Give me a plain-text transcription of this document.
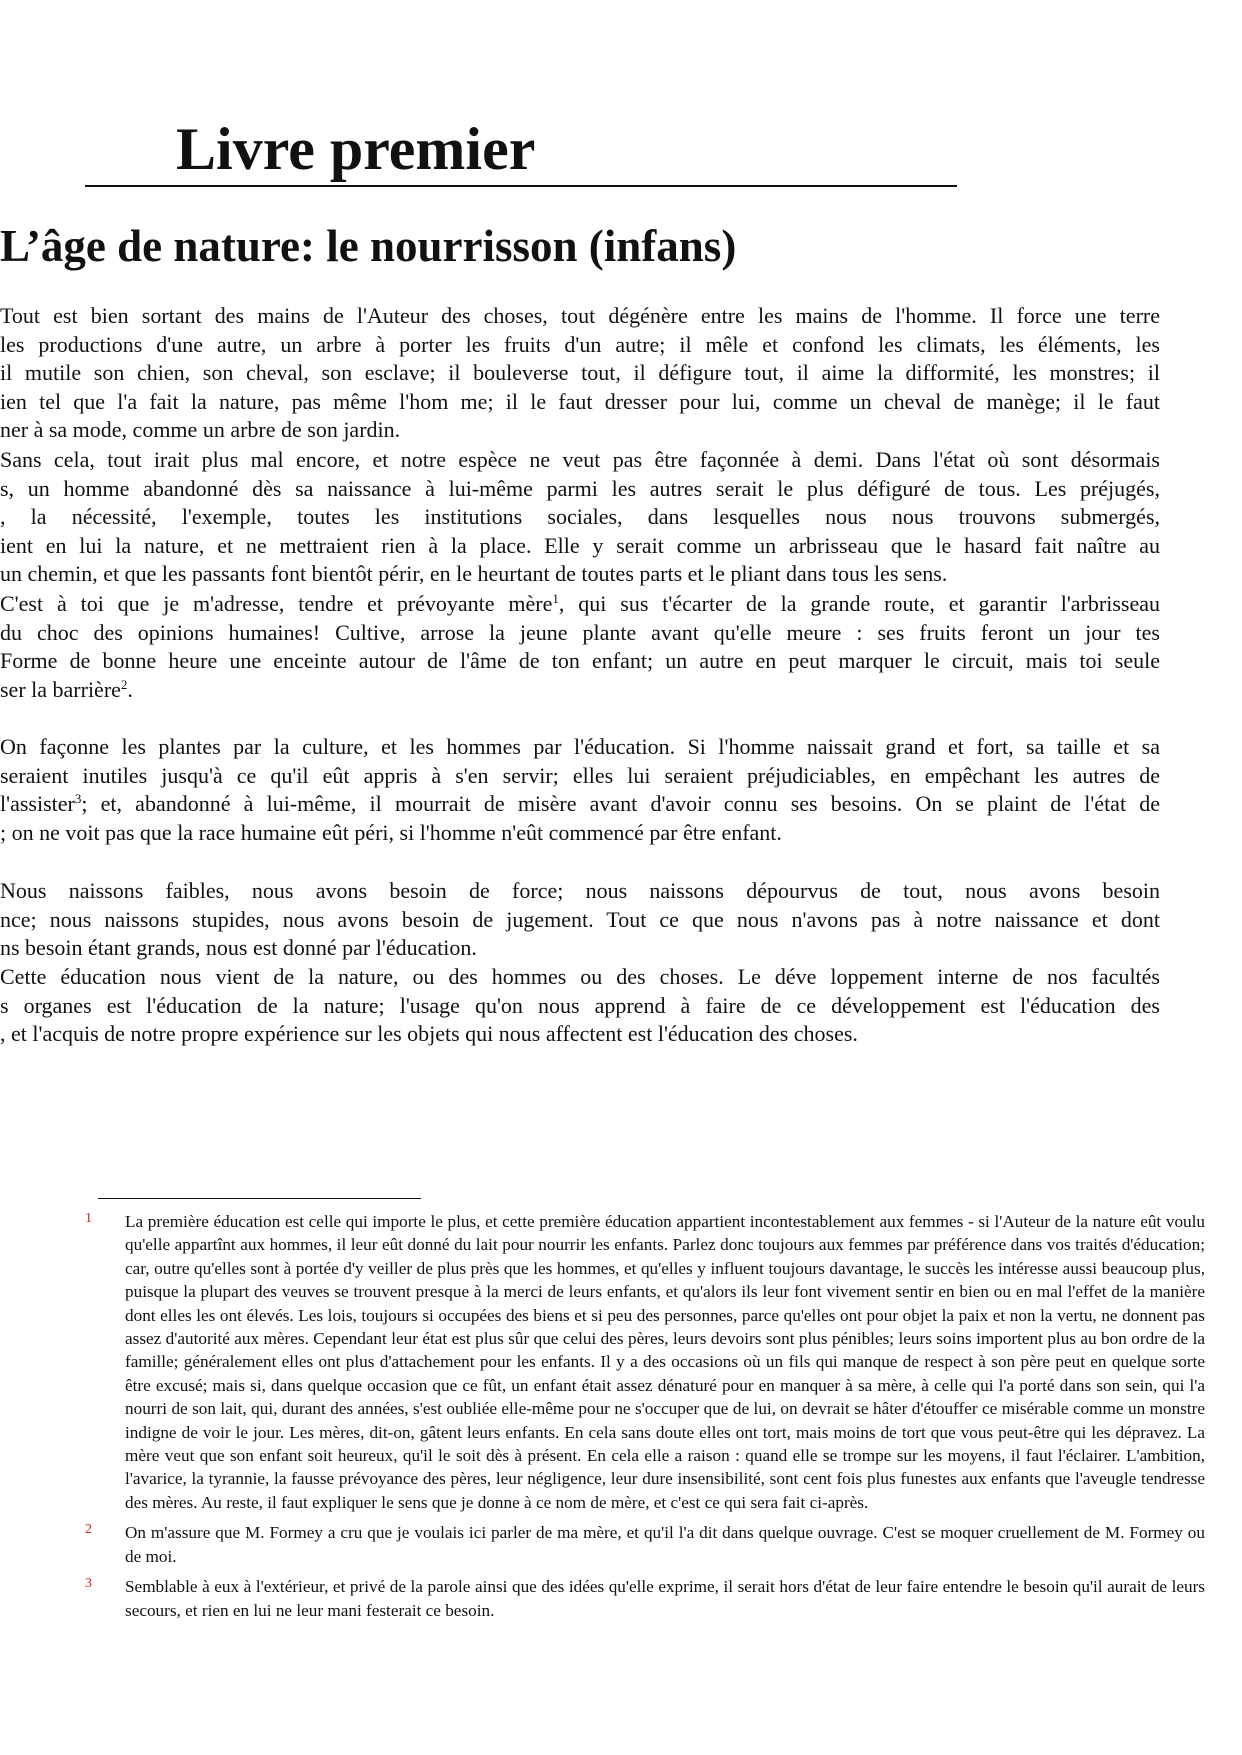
Livre premier
L’âge de nature: le nourrisson (infans)
Tout est bien sortant des mains de l'Auteur des choses, tout dégénère entre les mains de l'homme. Il force une terre
les productions d'une autre, un arbre à porter les fruits d'un autre; il mêle et confond les climats, les éléments, les
il mutile son chien, son cheval, son esclave; il bouleverse tout, il défigure tout, il aime la difformité, les monstres; il
ien tel que l'a fait la nature, pas même l'hom me; il le faut dresser pour lui, comme un cheval de manège; il le faut
ner à sa mode, comme un arbre de son jardin.
Sans cela, tout irait plus mal encore, et notre espèce ne veut pas être façonnée à demi. Dans l'état où sont désormais
s, un homme abandonné dès sa naissance à lui-même parmi les autres serait le plus défiguré de tous. Les préjugés,
, la nécessité, l'exemple, toutes les institutions sociales, dans lesquelles nous nous trouvons submergés,
ient en lui la nature, et ne mettraient rien à la place. Elle y serait comme un arbrisseau que le hasard fait naître au
un chemin, et que les passants font bientôt périr, en le heurtant de toutes parts et le pliant dans tous les sens.
C'est à toi que je m'adresse, tendre et prévoyante mère$^1$, qui sus t'écarter de la grande route, et garantir l'arbrisseau
du choc des opinions humaines! Cultive, arrose la jeune plante avant qu'elle meure : ses fruits feront un jour tes
Forme de bonne heure une enceinte autour de l'âme de ton enfant; un autre en peut marquer le circuit, mais toi seule
ser la barrière$^2$.
On façonne les plantes par la culture, et les hommes par l'éducation. Si l'homme naissait grand et fort, sa taille et sa
seraient inutiles jusqu'à ce qu'il eût appris à s'en servir; elles lui seraient préjudiciables, en empêchant les autres de
l'assister$^3$; et, abandonné à lui-même, il mourrait de misère avant d'avoir connu ses besoins. On se plaint de l'état de
; on ne voit pas que la race humaine eût péri, si l'homme n'eût commencé par être enfant.
Nous naissons faibles, nous avons besoin de force; nous naissons dépourvus de tout, nous avons besoin
nce; nous naissons stupides, nous avons besoin de jugement. Tout ce que nous n'avons pas à notre naissance et dont
ns besoin étant grands, nous est donné par l'éducation.
Cette éducation nous vient de la nature, ou des hommes ou des choses. Le déve loppement interne de nos facultés
s organes est l'éducation de la nature; l'usage qu'on nous apprend à faire de ce développement est l'éducation des
, et l'acquis de notre propre expérience sur les objets qui nous affectent est l'éducation des choses.
1 La première éducation est celle qui importe le plus, et cette première éducation appartient incontestablement aux femmes - si l'Auteur de la nature eût voulu qu'elle appartînt aux hommes, il leur eût donné du lait pour nourrir les enfants. Parlez donc toujours aux femmes par préférence dans vos traités d'éducation; car, outre qu'elles sont à portée d'y veiller de plus près que les hommes, et qu'elles y influent toujours davantage, le succès les intéresse aussi beaucoup plus, puisque la plupart des veuves se trouvent presque à la merci de leurs enfants, et qu'alors ils leur font vivement sentir en bien ou en mal l'effet de la manière dont elles les ont élevés. Les lois, toujours si occupées des biens et si peu des personnes, parce qu'elles ont pour objet la paix et non la vertu, ne donnent pas assez d'autorité aux mères. Cependant leur état est plus sûr que celui des pères, leurs devoirs sont plus pénibles; leurs soins importent plus au bon ordre de la famille; généralement elles ont plus d'attachement pour les enfants. Il y a des occasions où un fils qui manque de respect à son père peut en quelque sorte être excusé; mais si, dans quelque occasion que ce fût, un enfant était assez dénaturé pour en manquer à sa mère, à celle qui l'a porté dans son sein, qui l'a nourri de son lait, qui, durant des années, s'est oubliée elle-même pour ne s'occuper que de lui, on devrait se hâter d'étouffer ce misérable comme un monstre indigne de voir le jour. Les mères, dit-on, gâtent leurs enfants. En cela sans doute elles ont tort, mais moins de tort que vous peut-être qui les dépravez. La mère veut que son enfant soit heureux, qu'il le soit dès à présent. En cela elle a raison : quand elle se trompe sur les moyens, il faut l'éclairer. L'ambition, l'avarice, la tyrannie, la fausse prévoyance des pères, leur négligence, leur dure insensibilité, sont cent fois plus funestes aux enfants que l'aveugle tendresse des mères. Au reste, il faut expliquer le sens que je donne à ce nom de mère, et c'est ce qui sera fait ci-après.
2 On m'assure que M. Formey a cru que je voulais ici parler de ma mère, et qu'il l'a dit dans quelque ouvrage. C'est se moquer cruellement de M. Formey ou de moi.
3 Semblable à eux à l'extérieur, et privé de la parole ainsi que des idées qu'elle exprime, il serait hors d'état de leur faire entendre le besoin qu'il aurait de leurs secours, et rien en lui ne leur mani festerait ce besoin.
